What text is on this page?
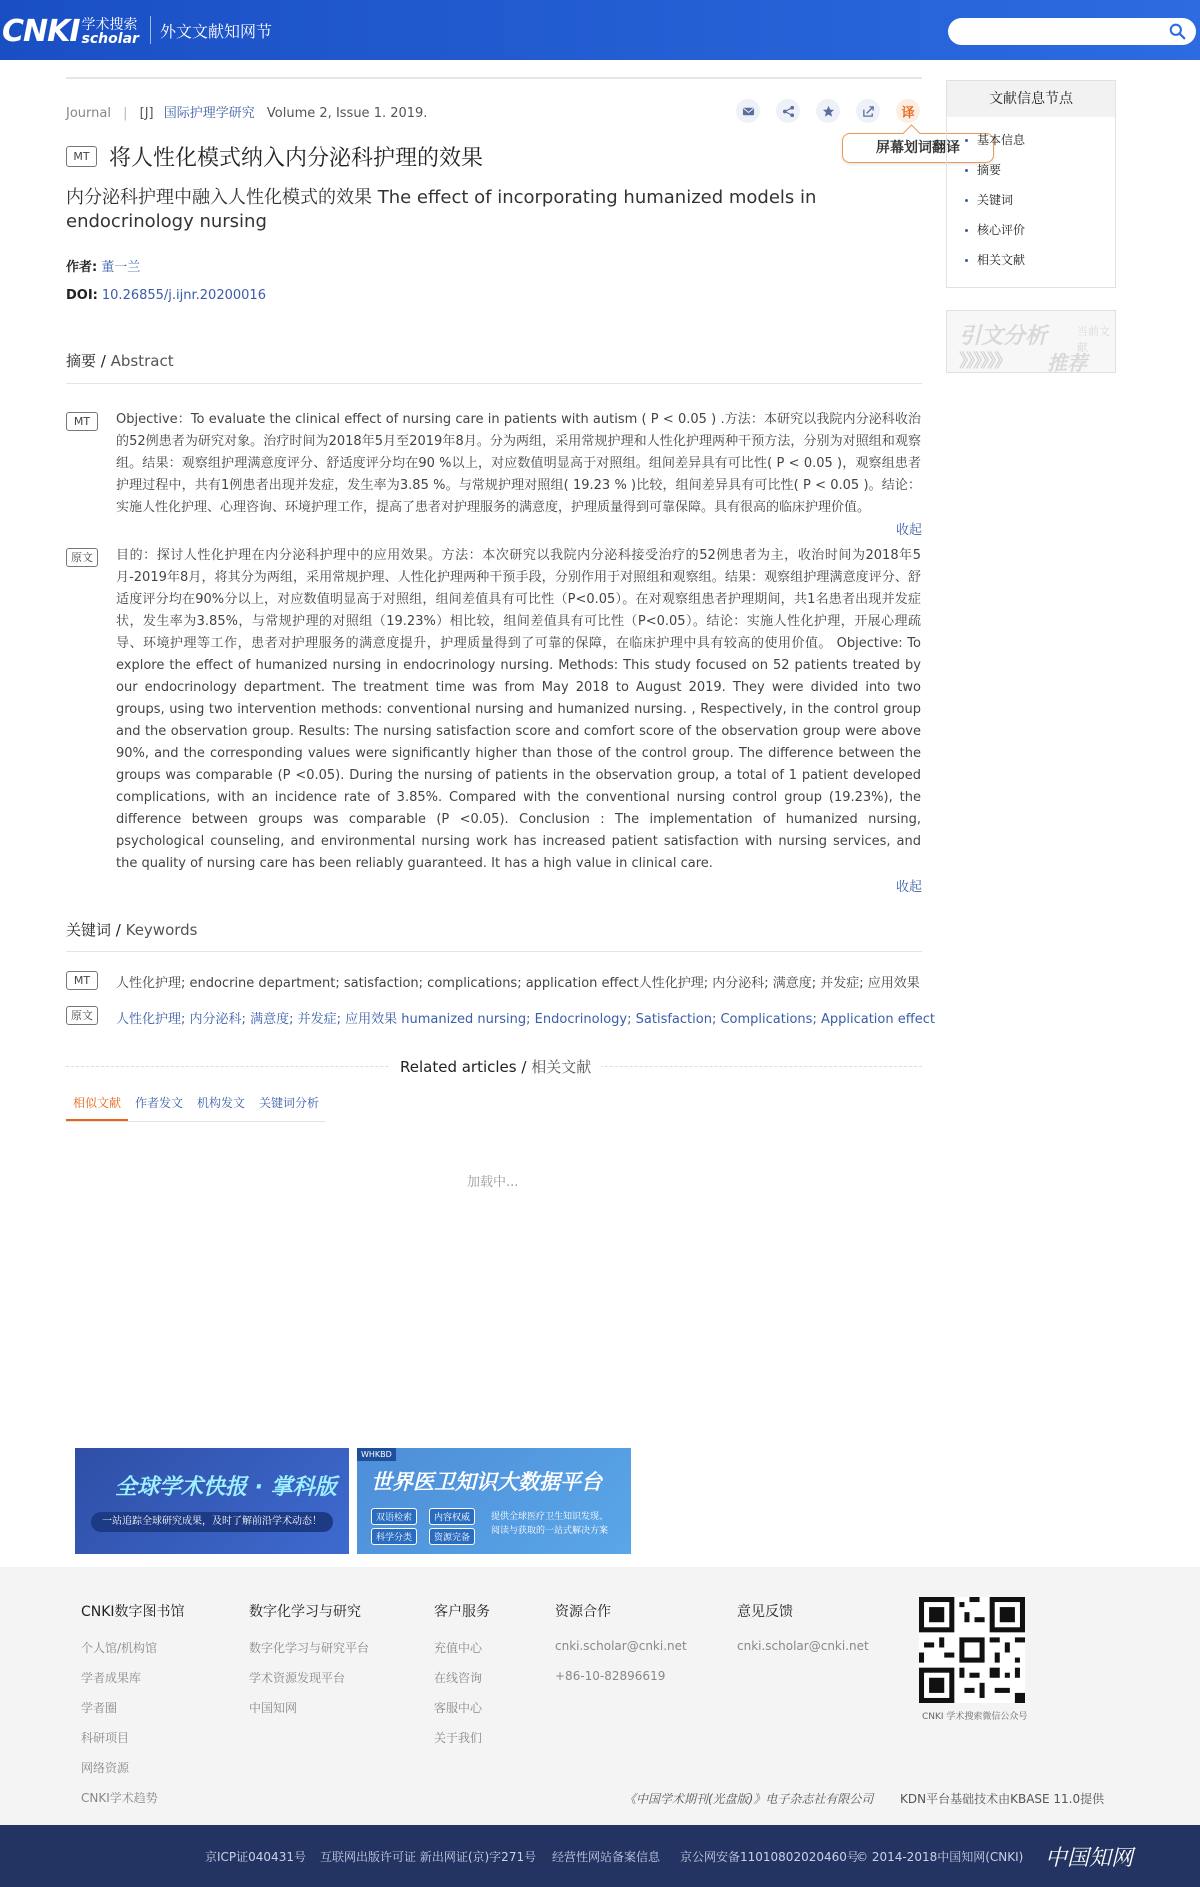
CNKI 学术搜索
scholar 外文文献知网节
Journal | [J] 国际护理学研究 Volume 2, Issue 1. 2019.	译
屏幕划词翻译
MT 将人性化模式纳入内分泌科护理的效果
内分泌科护理中融入人性化模式的效果 The effect of incorporating humanized models in endocrinology nursing
作者: 董一兰
DOI: 10.26855/j.ijnr.20200016
摘要 / Abstract
MT	Objective：To evaluate the clinical effect of nursing care in patients with autism ( P < 0.05 ) .方法：本研究以我院内分泌科收治的52例患者为研究对象。治疗时间为2018年5月至2019年8月。分为两组，采用常规护理和人性化护理两种干预方法，分别为对照组和观察组。结果：观察组护理满意度评分、舒适度评分均在90 %以上，对应数值明显高于对照组。组间差异具有可比性( P < 0.05 )，观察组患者护理过程中，共有1例患者出现并发症，发生率为3.85 %。与常规护理对照组( 19.23 % )比较，组间差异具有可比性( P < 0.05 )。结论：实施人性化护理、心理咨询、环境护理工作，提高了患者对护理服务的满意度，护理质量得到可靠保障。具有很高的临床护理价值。
收起
原文	目的：探讨人性化护理在内分泌科护理中的应用效果。方法：本次研究以我院内分泌科接受治疗的52例患者为主，收治时间为2018年5月-2019年8月，将其分为两组，采用常规护理、人性化护理两种干预手段，分别作用于对照组和观察组。结果：观察组护理满意度评分、舒适度评分均在90%分以上，对应数值明显高于对照组，组间差值具有可比性（P<0.05）。在对观察组患者护理期间，共1名患者出现并发症状，发生率为3.85%，与常规护理的对照组（19.23%）相比较，组间差值具有可比性（P<0.05）。结论：实施人性化护理，开展心理疏导、环境护理等工作，患者对护理服务的满意度提升，护理质量得到了可靠的保障，在临床护理中具有较高的使用价值。 Objective: To explore the effect of humanized nursing in endocrinology nursing. Methods: This study focused on 52 patients treated by our endocrinology department. The treatment time was from May 2018 to August 2019. They were divided into two groups, using two intervention methods: conventional nursing and humanized nursing. , Respectively, in the control group and the observation group. Results: The nursing satisfaction score and comfort score of the observation group were above 90%, and the corresponding values were significantly higher than those of the control group. The difference between the groups was comparable (P <0.05). During the nursing of patients in the observation group, a total of 1 patient developed complications, with an incidence rate of 3.85%. Compared with the conventional nursing control group (19.23%), the difference between groups was comparable (P <0.05). Conclusion : The implementation of humanized nursing, psychological counseling, and environmental nursing work has increased patient satisfaction with nursing services, and the quality of nursing care has been reliably guaranteed. It has a high value in clinical care.
收起
关键词 / Keywords
MT	人性化护理; endocrine department; satisfaction; complications; application effect人性化护理; 内分泌科; 满意度; 并发症; 应用效果
原文	人性化护理; 内分泌科; 满意度; 并发症; 应用效果 humanized nursing; Endocrinology; Satisfaction; Complications; Application effect
Related articles / 相关文献
相似文献	作者发文	机构发文	关键词分析
加载中...
文献信息节点
基本信息
摘要
关键词
核心评价
相关文献
引文分析	当前文献
》》》》》》 推荐
全球学术快报 · 掌科版
一站追踪全球研究成果，及时了解前沿学术动态！
WHKBD
世界医卫知识大数据平台
双语检索	内容权威
科学分类	资源完备
提供全球医疗卫生知识发现、
阅读与获取的一站式解决方案
CNKI数字图书馆
个人馆/机构馆
学者成果库
学者圈
科研项目
网络资源
CNKI学术趋势
数字化学习与研究
数字化学习与研究平台
学术资源发现平台
中国知网
客户服务
充值中心
在线咨询
客服中心
关于我们
资源合作
cnki.scholar@cnki.net
+86-10-82896619
意见反馈
cnki.scholar@cnki.net
CNKI 学术搜索微信公众号
《中国学术期刊(光盘版)》电子杂志社有限公司 KDN平台基础技术由KBASE 11.0提供
京ICP证040431号 互联网出版许可证 新出网证(京)字271号 经营性网站备案信息 京公网安备11010802020460号
© 2014-2018中国知网(CNKI) 中国知网
